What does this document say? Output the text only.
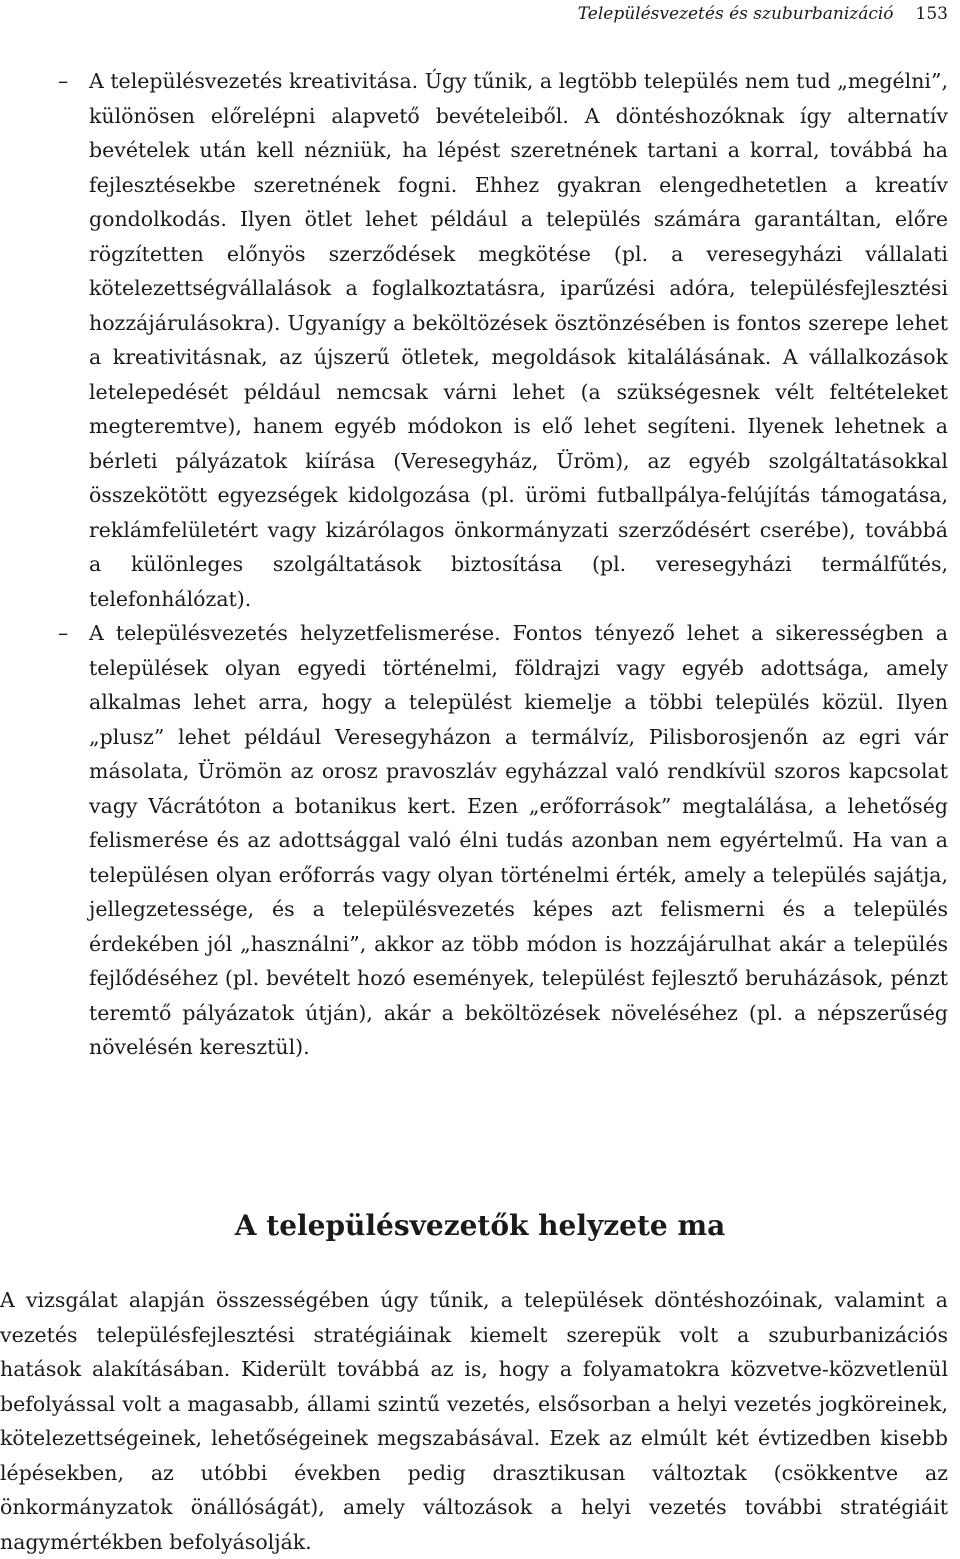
Településvezetés és szuburbanizáció 153
– A településvezetés kreativitása. Úgy tűnik, a legtöbb település nem tud „megélni”, különösen előrelépni alapvető bevételeiből. A döntéshozóknak így alternatív bevételek után kell nézniük, ha lépést szeretnének tartani a korral, továbbá ha fejlesztésekbe szeretnének fogni. Ehhez gyakran elengedhetetlen a kreatív gondolkodás. Ilyen ötlet lehet például a település számára garantáltan, előre rögzítetten előnyös szerződések megkötése (pl. a veresegyházi vállalati kötelezettségvállalások a foglalkoztatásra, iparűzési adóra, településfejlesztési hozzájárulásokra). Ugyanígy a beköltözések ösztönzésében is fontos szerepe lehet a kreativitásnak, az újszerű ötletek, megoldások kitalálásának. A vállalkozások letelepedését például nemcsak várni lehet (a szükségesnek vélt feltételeket megteremtve), hanem egyéb módokon is elő lehet segíteni. Ilyenek lehetnek a bérleti pályázatok kiírása (Veresegyház, Üröm), az egyéb szolgáltatásokkal összekötött egyezségek kidolgozása (pl. ürömi futballpálya-felújítás támogatása, reklámfelületért vagy kizárólagos önkormányzati szerződésért cserébe), továbbá a különleges szolgáltatások biztosítása (pl. veresegyházi termálfűtés, telefonhálózat).
– A településvezetés helyzetfelismerése. Fontos tényező lehet a sikerességben a települések olyan egyedi történelmi, földrajzi vagy egyéb adottsága, amely alkalmas lehet arra, hogy a települést kiemelje a többi település közül. Ilyen „plusz” lehet például Veresegyházon a termálvíz, Pilisborosjenőn az egri vár másolata, Ürömön az orosz pravoszláv egyházzal való rendkívül szoros kapcsolat vagy Vácrátóton a botanikus kert. Ezen „erőforrások” megtalálása, a lehetőség felismerése és az adottsággal való élni tudás azonban nem egyértelmű. Ha van a településen olyan erőforrás vagy olyan történelmi érték, amely a település sajátja, jellegzetessége, és a településvezetés képes azt felismerni és a település érdekében jól „használni”, akkor az több módon is hozzájárulhat akár a település fejlődéséhez (pl. bevételt hozó események, települést fejlesztő beruházások, pénzt teremtő pályázatok útján), akár a beköltözések növeléséhez (pl. a népszerűség növelésén keresztül).
A településvezetők helyzete ma

A vizsgálat alapján összességében úgy tűnik, a települések döntéshozóinak, valamint a vezetés településfejlesztési stratégiáinak kiemelt szerepük volt a szuburbanizációs hatások alakításában. Kiderült továbbá az is, hogy a folyamatokra közvetve-közvetlenül befolyással volt a magasabb, állami szintű vezetés, elsősorban a helyi vezetés jogköreinek, kötelezettségeinek, lehetőségeinek megszabásával. Ezek az elmúlt két évtizedben kisebb lépésekben, az utóbbi években pedig drasztikusan változtak (csökkentve az önkormányzatok önállóságát), amely változások a helyi vezetés további stratégiáit nagymértékben befolyásolják.
